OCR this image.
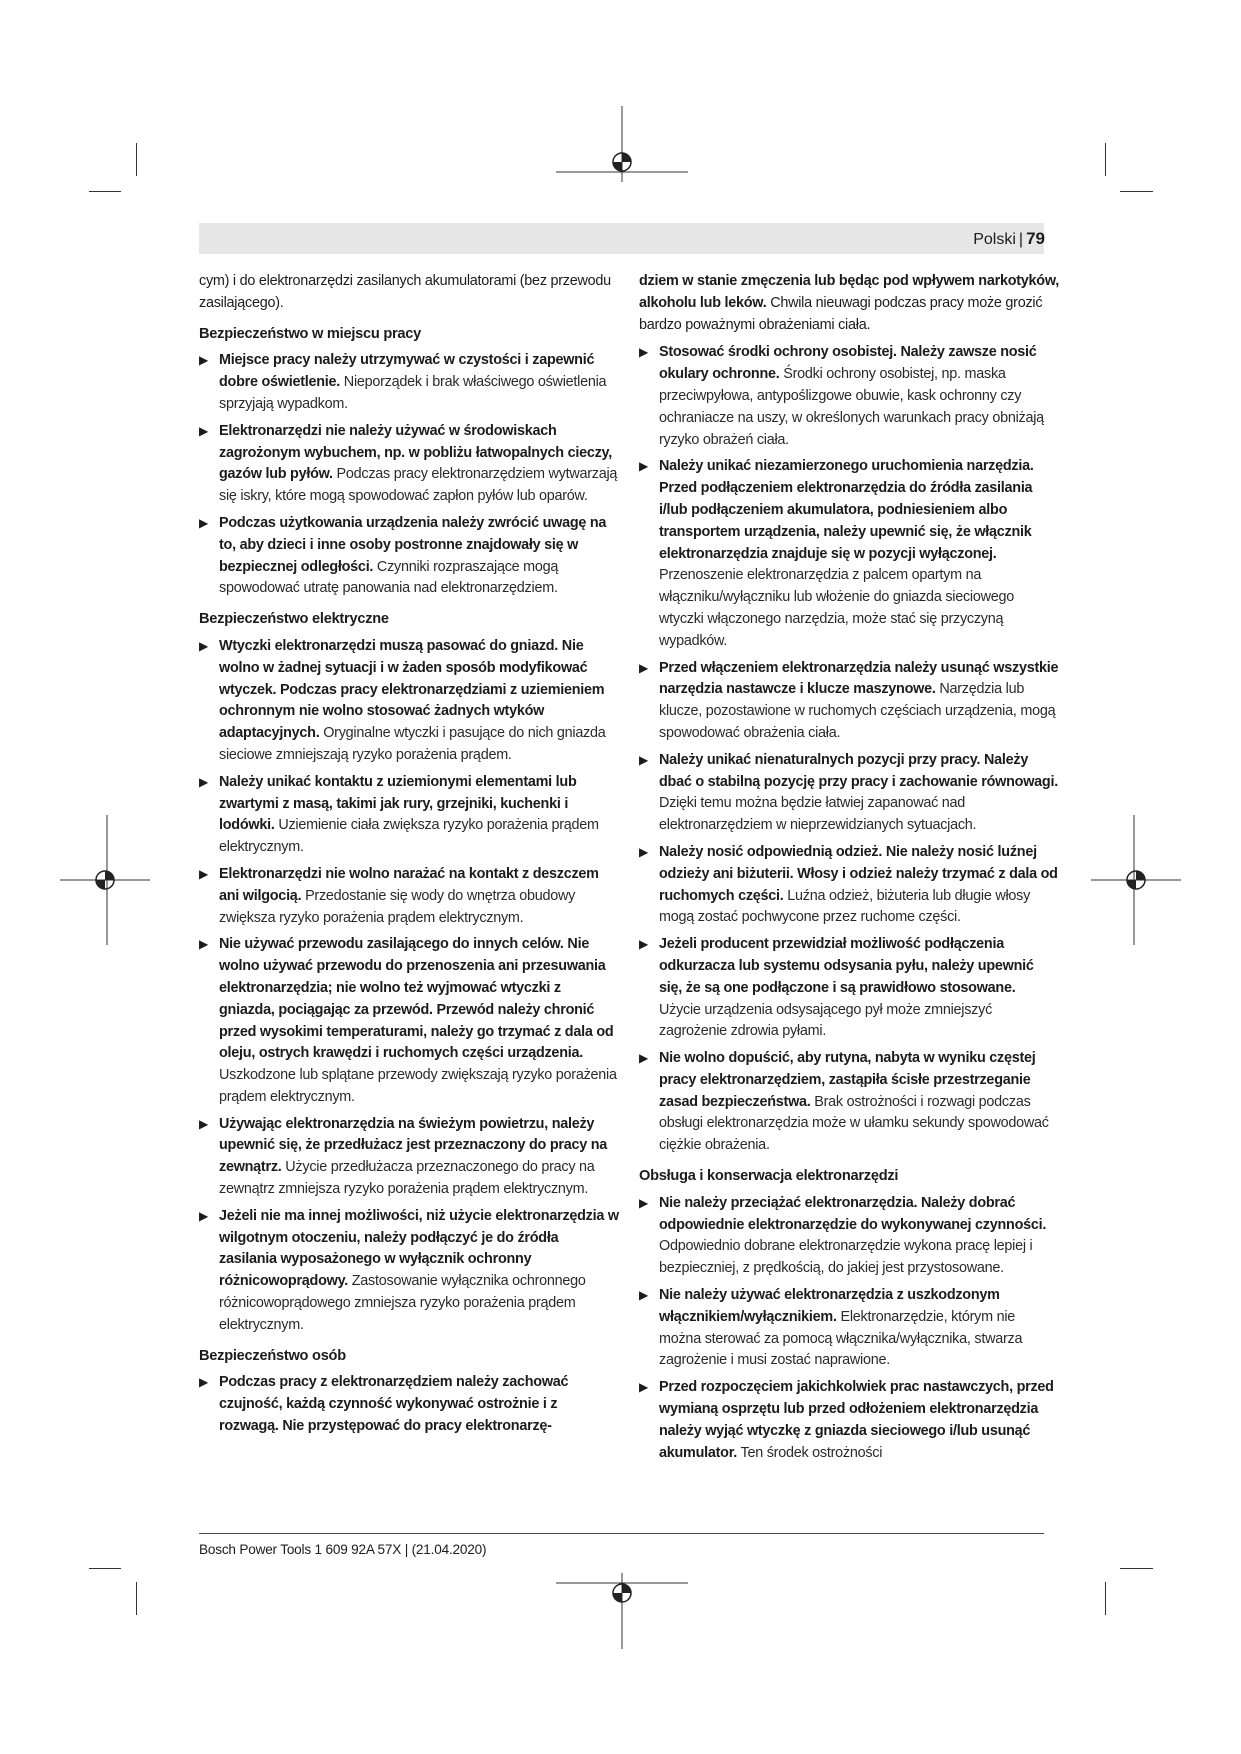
Polski | 79

cym) i do elektronarzędzi zasilanych akumulatorami (bez przewodu zasilającego).

Bezpieczeństwo w miejscu pracy
▶ Miejsce pracy należy utrzymywać w czystości i zapewnić dobre oświetlenie. Nieporządek i brak właściwego oświetlenia sprzyjają wypadkom.
▶ Elektronarzędzi nie należy używać w środowiskach zagrożonym wybuchem, np. w pobliżu łatwopalnych cieczy, gazów lub pyłów. Podczas pracy elektronarzędziem wytwarzają się iskry, które mogą spowodować zapłon pyłów lub oparów.
▶ Podczas użytkowania urządzenia należy zwrócić uwagę na to, aby dzieci i inne osoby postronne znajdowały się w bezpiecznej odległości. Czynniki rozpraszające mogą spowodować utratę panowania nad elektronarzędziem.
Bezpieczeństwo elektryczne
▶ Wtyczki elektronarzędzi muszą pasować do gniazd. Nie wolno w żadnej sytuacji i w żaden sposób modyfikować wtyczek. Podczas pracy elektronarzędziami z uziemieniem ochronnym nie wolno stosować żadnych wtyków adaptacyjnych. Oryginalne wtyczki i pasujące do nich gniazda sieciowe zmniejszają ryzyko porażenia prądem.
▶ Należy unikać kontaktu z uziemionymi elementami lub zwartymi z masą, takimi jak rury, grzejniki, kuchenki i lodówki. Uziemienie ciała zwiększa ryzyko porażenia prądem elektrycznym.
▶ Elektronarzędzi nie wolno narażać na kontakt z deszczem ani wilgocią. Przedostanie się wody do wnętrza obudowy zwiększa ryzyko porażenia prądem elektrycznym.
▶ Nie używać przewodu zasilającego do innych celów. Nie wolno używać przewodu do przenoszenia ani przesuwania elektronarzędzia; nie wolno też wyjmować wtyczki z gniazda, pociągając za przewód. Przewód należy chronić przed wysokimi temperaturami, należy go trzymać z dala od oleju, ostrych krawędzi i ruchomych części urządzenia. Uszkodzone lub splątane przewody zwiększają ryzyko porażenia prądem elektrycznym.
▶ Używając elektronarzędzia na świeżym powietrzu, należy upewnić się, że przedłużacz jest przeznaczony do pracy na zewnątrz. Użycie przedłużacza przeznaczonego do pracy na zewnątrz zmniejsza ryzyko porażenia prądem elektrycznym.
▶ Jeżeli nie ma innej możliwości, niż użycie elektronarzędzia w wilgotnym otoczeniu, należy podłączyć je do źródła zasilania wyposażonego w wyłącznik ochronny różnicowoprądowy. Zastosowanie wyłącznika ochronnego różnicowoprądowego zmniejsza ryzyko porażenia prądem elektrycznym.
Bezpieczeństwo osób
▶ Podczas pracy z elektronarzędziem należy zachować czujność, każdą czynność wykonywać ostrożnie i z rozwagą. Nie przystępować do pracy elektronarzę-

dziem w stanie zmęczenia lub będąc pod wpływem narkotyków, alkoholu lub leków. Chwila nieuwagi podczas pracy może grozić bardzo poważnymi obrażeniami ciała.

▶ Stosować środki ochrony osobistej. Należy zawsze nosić okulary ochronne. Środki ochrony osobistej, np. maska przeciwpyłowa, antypoślizgowe obuwie, kask ochronny czy ochraniacze na uszy, w określonych warunkach pracy obniżają ryzyko obrażeń ciała.
▶ Należy unikać niezamierzonego uruchomienia narzędzia. Przed podłączeniem elektronarzędzia do źródła zasilania i/lub podłączeniem akumulatora, podniesieniem albo transportem urządzenia, należy upewnić się, że włącznik elektronarzędzia znajduje się w pozycji wyłączonej. Przenoszenie elektronarzędzia z palcem opartym na włączniku/wyłączniku lub włożenie do gniazda sieciowego wtyczki włączonego narzędzia, może stać się przyczyną wypadków.
▶ Przed włączeniem elektronarzędzia należy usunąć wszystkie narzędzia nastawcze i klucze maszynowe. Narzędzia lub klucze, pozostawione w ruchomych częściach urządzenia, mogą spowodować obrażenia ciała.
▶ Należy unikać nienaturalnych pozycji przy pracy. Należy dbać o stabilną pozycję przy pracy i zachowanie równowagi. Dzięki temu można będzie łatwiej zapanować nad elektronarzędziem w nieprzewidzianych sytuacjach.
▶ Należy nosić odpowiednią odzież. Nie należy nosić luźnej odzieży ani biżuterii. Włosy i odzież należy trzymać z dala od ruchomych części. Luźna odzież, biżuteria lub długie włosy mogą zostać pochwycone przez ruchome części.
▶ Jeżeli producent przewidział możliwość podłączenia odkurzacza lub systemu odsysania pyłu, należy upewnić się, że są one podłączone i są prawidłowo stosowane. Użycie urządzenia odsysającego pył może zmniejszyć zagrożenie zdrowia pyłami.
▶ Nie wolno dopuścić, aby rutyna, nabyta w wyniku częstej pracy elektronarzędziem, zastąpiła ścisłe przestrzeganie zasad bezpieczeństwa. Brak ostrożności i rozwagi podczas obsługi elektronarzędzia może w ułamku sekundy spowodować ciężkie obrażenia.
Obsługa i konserwacja elektronarzędzi
▶ Nie należy przeciążać elektronarzędzia. Należy dobrać odpowiednie elektronarzędzie do wykonywanej czynności. Odpowiednio dobrane elektronarzędzie wykona pracę lepiej i bezpieczniej, z prędkością, do jakiej jest przystosowane.
▶ Nie należy używać elektronarzędzia z uszkodzonym włącznikiem/wyłącznikiem. Elektronarzędzie, którym nie można sterować za pomocą włącznika/wyłącznika, stwarza zagrożenie i musi zostać naprawione.
▶ Przed rozpoczęciem jakichkolwiek prac nastawczych, przed wymianą osprzętu lub przed odłożeniem elektronarzędzia należy wyjąć wtyczkę z gniazda sieciowego i/lub usunąć akumulator. Ten środek ostrożności
Bosch Power Tools 1 609 92A 57X | (21.04.2020)
